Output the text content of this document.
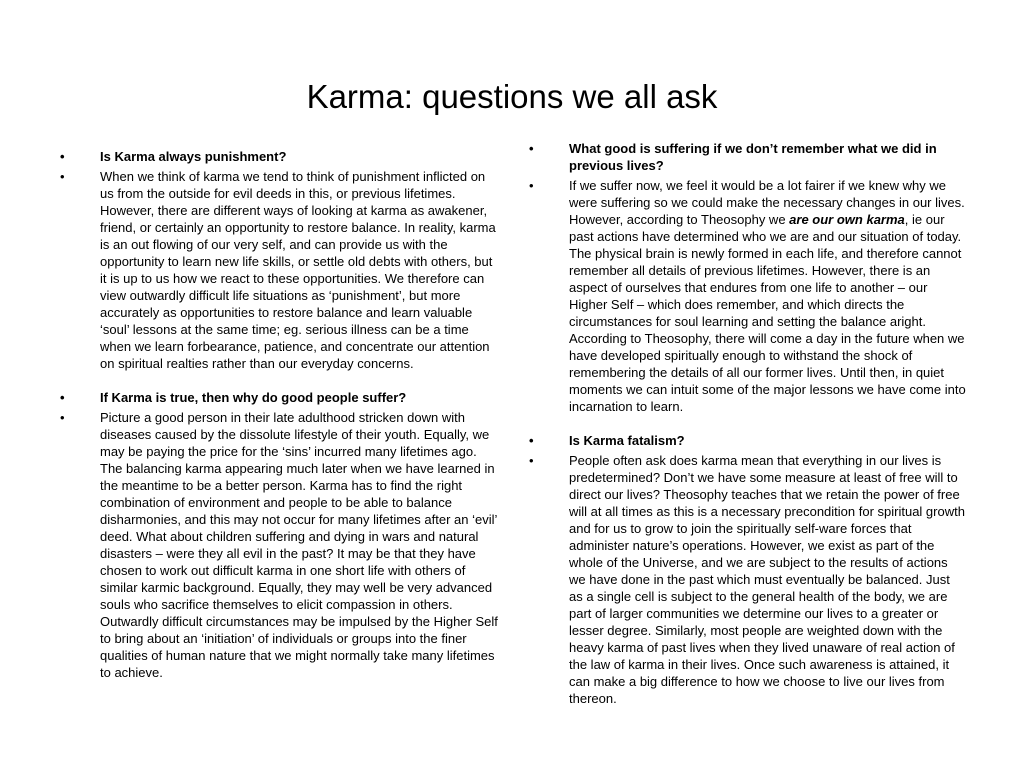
Karma: questions we all ask
•	Is Karma always punishment?
•	When we think of karma we tend to think of punishment inflicted on us from the outside for evil deeds in this, or previous lifetimes. However, there are different ways of looking at karma as awakener, friend, or certainly an opportunity to restore balance. In reality, karma is an out flowing of our very self, and can provide us with the opportunity to learn new life skills, or settle old debts with others, but it is up to us how we react to these opportunities. We therefore can view outwardly difficult life situations as ‘punishment’, but more accurately as opportunities to restore balance and learn valuable ‘soul’ lessons at the same time; eg. serious illness can be a time when we learn forbearance, patience, and concentrate our attention on spiritual realties rather than our everyday concerns.
•	If Karma is true, then why do good people suffer?
•	Picture a good person in their late adulthood stricken down with diseases caused by the dissolute lifestyle of their youth. Equally, we may be paying the price for the ‘sins’ incurred many lifetimes ago. The balancing karma appearing much later when we have learned in the meantime to be a better person. Karma has to find the right combination of environment and people to be able to balance disharmonies, and this may not occur for many lifetimes after an ‘evil’ deed. What about children suffering and dying in wars and natural disasters – were they all evil in the past? It may be that they have chosen to work out difficult karma in one short life with others of similar karmic background. Equally, they may well be very advanced souls who sacrifice themselves to elicit compassion in others. Outwardly difficult circumstances may be impulsed by the Higher Self to bring about an ‘initiation’ of individuals or groups into the finer qualities of human nature that we might normally take many lifetimes to achieve.
•	What good is suffering if we don’t remember what we did in previous lives?
•	If we suffer now, we feel it would be a lot fairer if we knew why we were suffering so we could make the necessary changes in our lives. However, according to Theosophy we are our own karma, ie our past actions have determined who we are and our situation of today. The physical brain is newly formed in each life, and therefore cannot remember all details of previous lifetimes. However, there is an aspect of ourselves that endures from one life to another – our Higher Self – which does remember, and which directs the circumstances for soul learning and setting the balance aright. According to Theosophy, there will come a day in the future when we have developed spiritually enough to withstand the shock of remembering the details of all our former lives. Until then, in quiet moments we can intuit some of the major lessons we have come into incarnation to learn.
•	Is Karma fatalism?
•	People often ask does karma mean that everything in our lives is predetermined? Don’t we have some measure at least of free will to direct our lives? Theosophy teaches that we retain the power of free will at all times as this is a necessary precondition for spiritual growth and for us to grow to join the spiritually self-ware forces that administer nature’s operations. However, we exist as part of the whole of the Universe, and we are subject to the results of actions we have done in the past which must eventually be balanced. Just as a single cell is subject to the general health of the body, we are part of larger communities we determine our lives to a greater or lesser degree. Similarly, most people are weighted down with the heavy karma of past lives when they lived unaware of real action of the law of karma in their lives. Once such awareness is attained, it can make a big difference to how we choose to live our lives from thereon.
